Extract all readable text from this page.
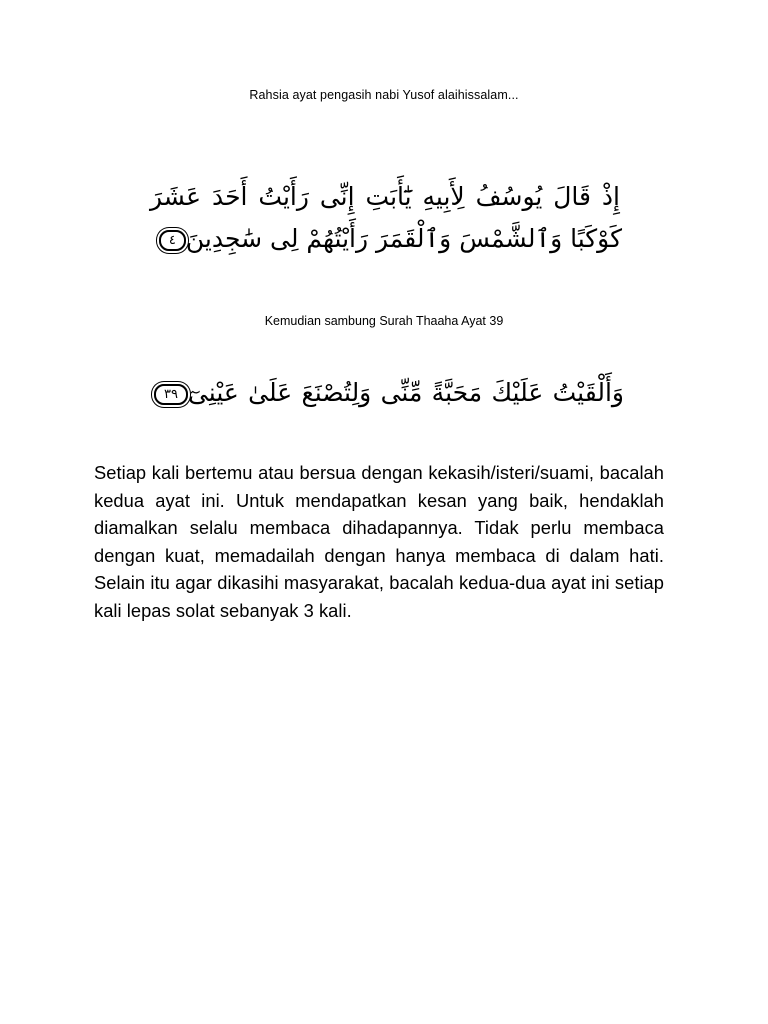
Rahsia ayat pengasih nabi Yusof alaihissalam...
إِذْ قَالَ يُوسُفُ لِأَبِيهِ يَٰٓأَبَتِ إِنِّى رَأَيْتُ أَحَدَ عَشَرَ
كَوْكَبًا وَٱلشَّمْسَ وَٱلْقَمَرَ رَأَيْتُهُمْ لِى سَٰجِدِينَ٤
Kemudian sambung Surah Thaaha Ayat 39
وَأَلْقَيْتُ عَلَيْكَ مَحَبَّةً مِّنِّى وَلِتُصْنَعَ عَلَىٰ عَيْنِىٓ٣٩
Setiap kali bertemu atau bersua dengan kekasih/isteri/suami, bacalah kedua ayat ini. Untuk mendapatkan kesan yang baik, hendaklah diamalkan selalu membaca dihadapannya. Tidak perlu membaca dengan kuat, memadailah dengan hanya membaca di dalam hati. Selain itu agar dikasihi masyarakat, bacalah kedua-dua ayat ini setiap kali lepas solat sebanyak 3 kali.
